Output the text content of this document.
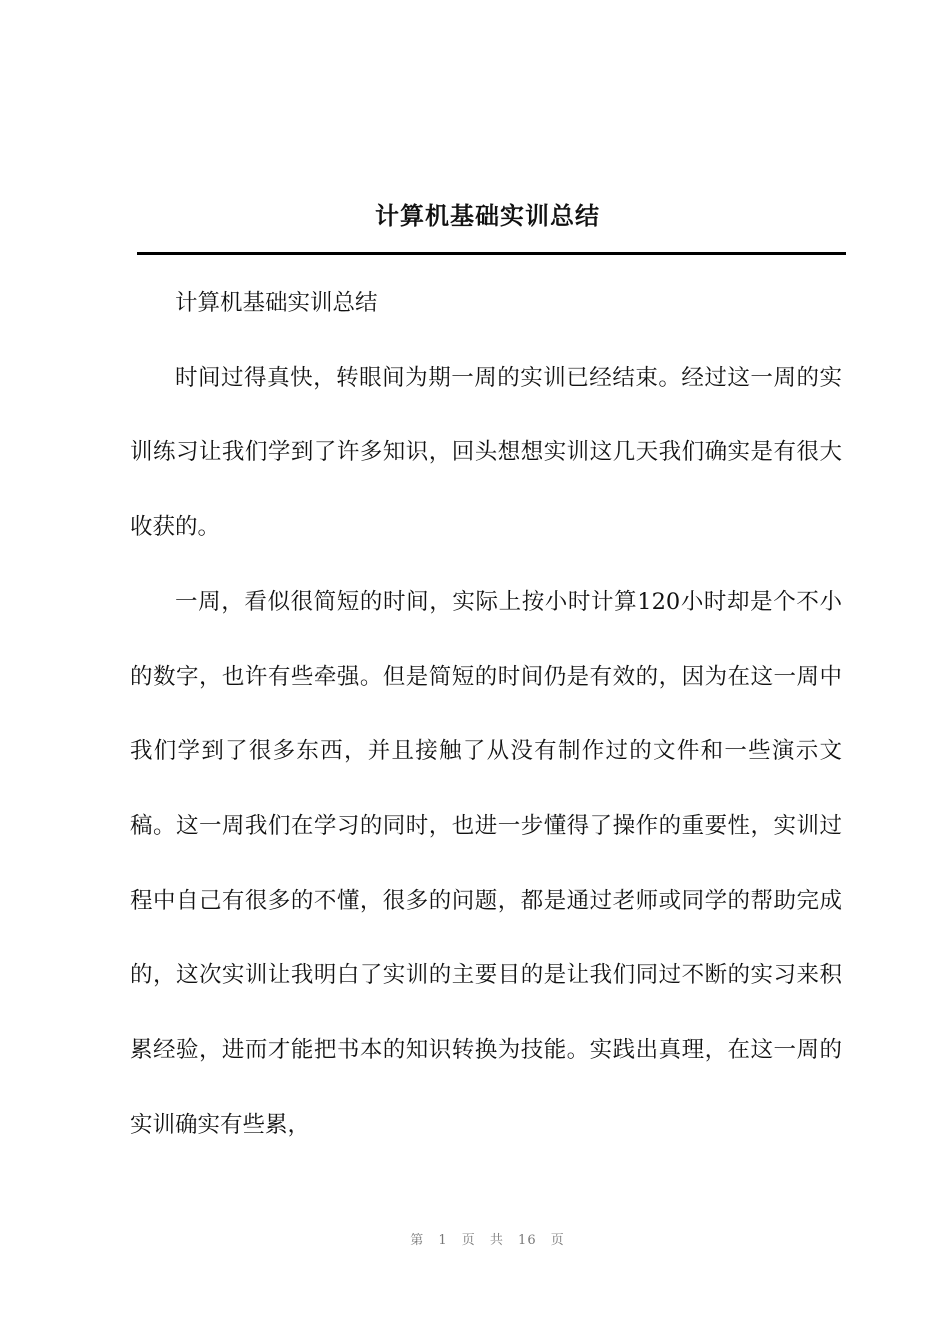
计算机基础实训总结

计算机基础实训总结

时间过得真快，转眼间为期一周的实训已经结束。经过这一周的实训练习让我们学到了许多知识，回头想想实训这几天我们确实是有很大收获的。

一周，看似很简短的时间，实际上按小时计算120小时却是个不小的数字，也许有些牵强。但是简短的时间仍是有效的，因为在这一周中我们学到了很多东西，并且接触了从没有制作过的文件和一些演示文稿。这一周我们在学习的同时，也进一步懂得了操作的重要性，实训过程中自己有很多的不懂，很多的问题，都是通过老师或同学的帮助完成的，这次实训让我明白了实训的主要目的是让我们同过不断的实习来积累经验，进而才能把书本的知识转换为技能。实践出真理，在这一周的实训确实有些累，

第 1 页 共 16 页
